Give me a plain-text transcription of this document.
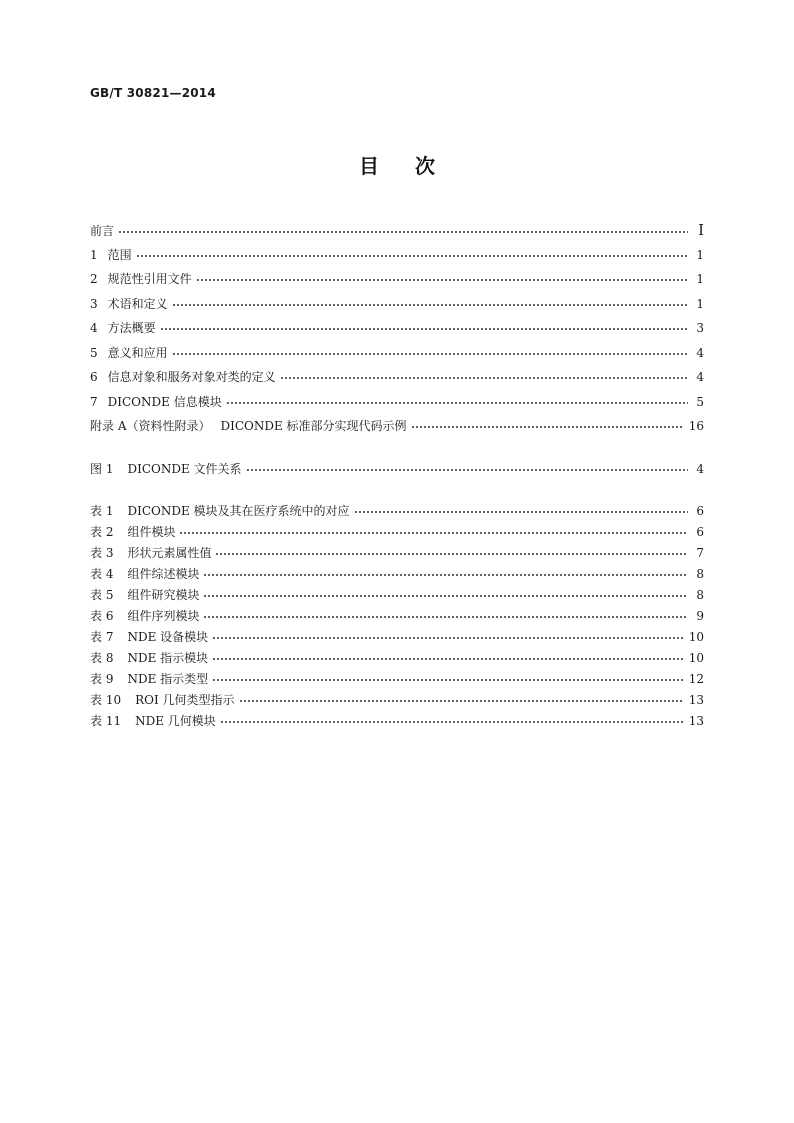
GB/T 30821—2014
目次
前言	Ⅰ
1 范围	1
2 规范性引用文件	1
3 术语和定义	1
4 方法概要	3
5 意义和应用	4
6 信息对象和服务对象对类的定义	4
7 DICONDE 信息模块	5
附录 A（资料性附录） DICONDE 标准部分实现代码示例	16
图 1 DICONDE 文件关系	4
表 1 DICONDE 模块及其在医疗系统中的对应	6
表 2 组件模块	6
表 3 形状元素属性值	7
表 4 组件综述模块	8
表 5 组件研究模块	8
表 6 组件序列模块	9
表 7 NDE 设备模块	10
表 8 NDE 指示模块	10
表 9 NDE 指示类型	12
表 10 ROI 几何类型指示	13
表 11 NDE 几何模块	13
